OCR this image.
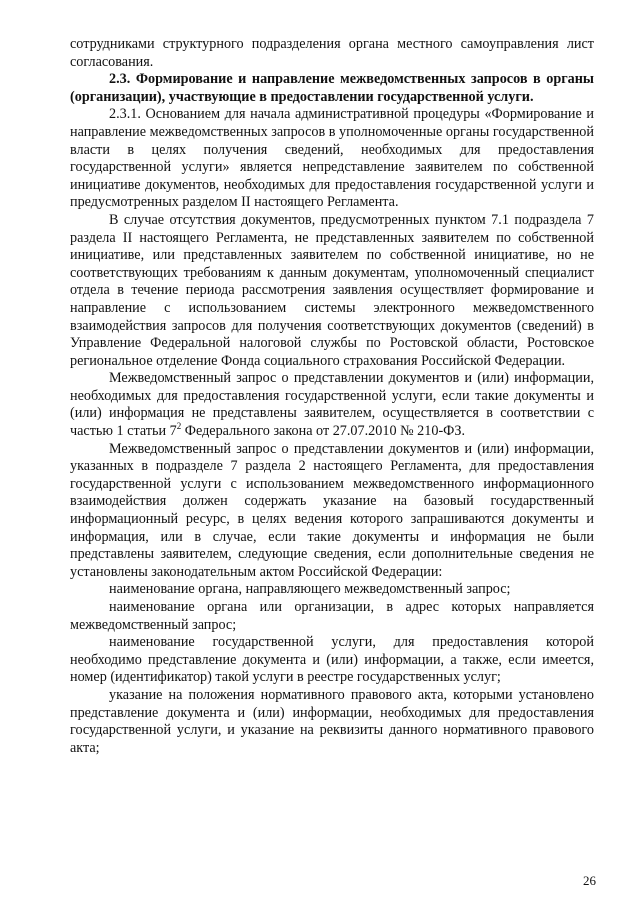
сотрудниками структурного подразделения органа местного самоуправления лист согласования.

2.3. Формирование и направление межведомственных запросов в органы (организации), участвующие в предоставлении государственной услуги.

2.3.1. Основанием для начала административной процедуры «Формирование и направление межведомственных запросов в уполномоченные органы государственной власти в целях получения сведений, необходимых для предоставления государственной услуги» является непредставление заявителем по собственной инициативе документов, необходимых для предоставления государственной услуги и предусмотренных разделом II настоящего Регламента.

В случае отсутствия документов, предусмотренных пунктом 7.1 подраздела 7 раздела II настоящего Регламента, не представленных заявителем по собственной инициативе, или представленных заявителем по собственной инициативе, но не соответствующих требованиям к данным документам, уполномоченный специалист отдела в течение периода рассмотрения заявления осуществляет формирование и направление с использованием системы электронного межведомственного взаимодействия запросов для получения соответствующих документов (сведений) в Управление Федеральной налоговой службы по Ростовской области, Ростовское региональное отделение Фонда социального страхования Российской Федерации.

Межведомственный запрос о представлении документов и (или) информации, необходимых для предоставления государственной услуги, если такие документы и (или) информация не представлены заявителем, осуществляется в соответствии с частью 1 статьи $7^2$ Федерального закона от 27.07.2010 № 210-ФЗ.

Межведомственный запрос о представлении документов и (или) информации, указанных в подразделе 7 раздела 2 настоящего Регламента, для предоставления государственной услуги с использованием межведомственного информационного взаимодействия должен содержать указание на базовый государственный информационный ресурс, в целях ведения которого запрашиваются документы и информация, или в случае, если такие документы и информация не были представлены заявителем, следующие сведения, если дополнительные сведения не установлены законодательным актом Российской Федерации:

наименование органа, направляющего межведомственный запрос;

наименование органа или организации, в адрес которых направляется межведомственный запрос;

наименование государственной услуги, для предоставления которой необходимо представление документа и (или) информации, а также, если имеется, номер (идентификатор) такой услуги в реестре государственных услуг;

указание на положения нормативного правового акта, которыми установлено представление документа и (или) информации, необходимых для предоставления государственной услуги, и указание на реквизиты данного нормативного правового акта;

26
